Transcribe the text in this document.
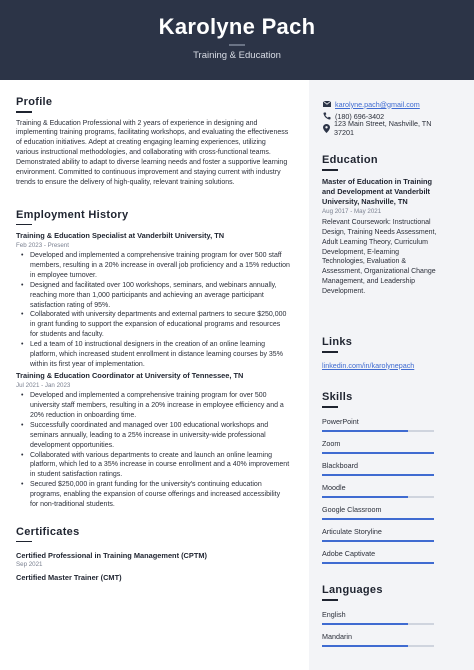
Karolyne Pach
Training & Education
Profile
Training & Education Professional with 2 years of experience in designing and implementing training programs, facilitating workshops, and evaluating the effectiveness of education initiatives. Adept at creating engaging learning experiences, utilizing various instructional methodologies, and collaborating with cross-functional teams. Demonstrated ability to adapt to diverse learning needs and foster a supportive learning environment. Committed to continuous improvement and staying current with industry trends to ensure the delivery of high-quality, relevant training solutions.
Employment History
Training & Education Specialist at Vanderbilt University, TN
Feb 2023 - Present
• Developed and implemented a comprehensive training program for over 500 staff members, resulting in a 20% increase in overall job proficiency and a 15% reduction in employee turnover.
• Designed and facilitated over 100 workshops, seminars, and webinars annually, reaching more than 1,000 participants and achieving an average participant satisfaction rating of 95%.
• Collaborated with university departments and external partners to secure $250,000 in grant funding to support the expansion of educational programs and resources for students and faculty.
• Led a team of 10 instructional designers in the creation of an online learning platform, which increased student enrollment in distance learning courses by 35% within its first year of implementation.
Training & Education Coordinator at University of Tennessee, TN
Jul 2021 - Jan 2023
• Developed and implemented a comprehensive training program for over 500 university staff members, resulting in a 20% increase in employee efficiency and a 20% reduction in onboarding time.
• Successfully coordinated and managed over 100 educational workshops and seminars annually, leading to a 25% increase in university-wide professional development opportunities.
• Collaborated with various departments to create and launch an online learning platform, which led to a 35% increase in course enrollment and a 40% improvement in student satisfaction ratings.
• Secured $250,000 in grant funding for the university's continuing education programs, enabling the expansion of course offerings and increased accessibility for non-traditional students.
Certificates
Certified Professional in Training Management (CPTM)
Sep 2021
Certified Master Trainer (CMT)
karolyne.pach@gmail.com
(180) 696-3402
123 Main Street, Nashville, TN 37201
Education
Master of Education in Training and Development at Vanderbilt University, Nashville, TN
Aug 2017 - May 2021
Relevant Coursework: Instructional Design, Training Needs Assessment, Adult Learning Theory, Curriculum Development, E-learning Technologies, Evaluation & Assessment, Organizational Change Management, and Leadership Development.
Links
linkedin.com/in/karolynepach
Skills
PowerPoint
Zoom
Blackboard
Moodle
Google Classroom
Articulate Storyline
Adobe Captivate
Languages
English
Mandarin
